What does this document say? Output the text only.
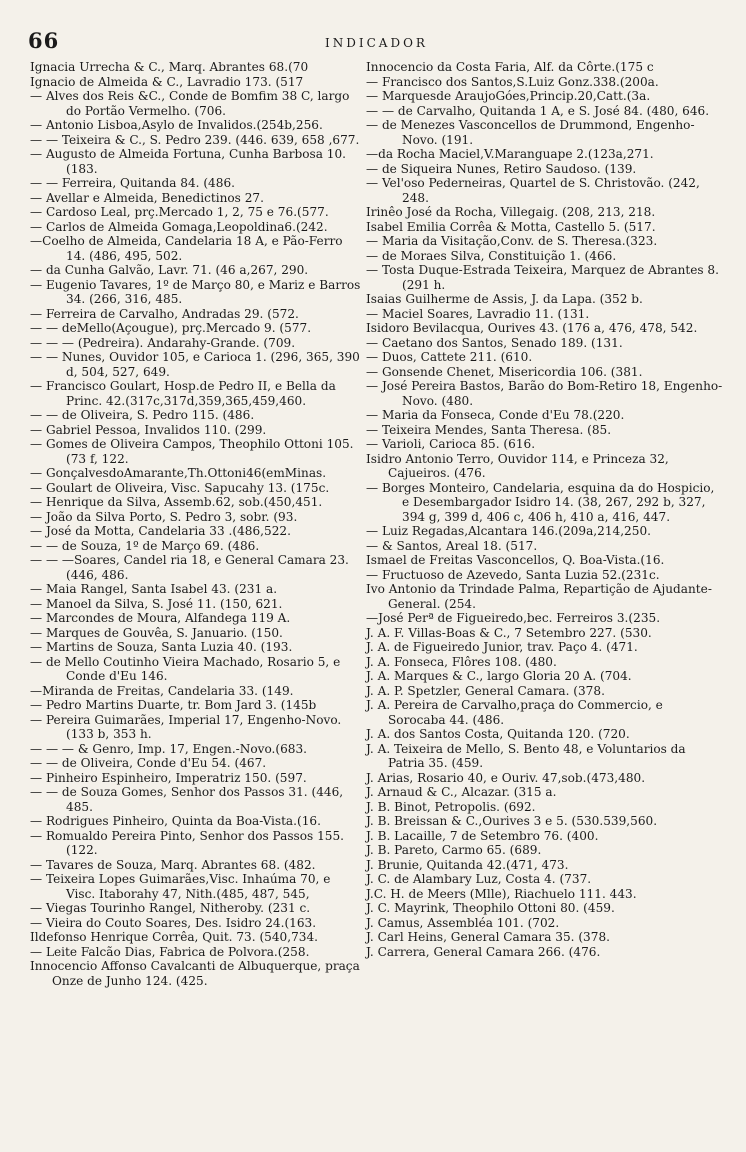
66	INDICADOR

Ignacia Urrecha & C., Marq. Abrantes 68.(70

Ignacio de Almeida & C., Lavradio 173. (517

— Alves dos Reis &C., Conde de Bomfim 38 C, largo do Portão Vermelho. (706.

— Antonio Lisboa,Asylo de Invalidos.(254b,256.

— — Teixeira & C., S. Pedro 239. (446. 639, 658 ,677.

— Augusto de Almeida Fortuna, Cunha Barbosa 10. (183.

— — Ferreira, Quitanda 84. (486.

— Avellar e Almeida, Benedictinos 27.

— Cardoso Leal, prç.Mercado 1, 2, 75 e 76.(577.

— Carlos de Almeida Gomaga,Leopoldina6.(242.

—Coelho de Almeida, Candelaria 18 A, e Pão-Ferro 14. (486, 495, 502.

— da Cunha Galvão, Lavr. 71. (46 a,267, 290.

— Eugenio Tavares, 1º de Março 80, e Mariz e Barros 34. (266, 316, 485.

— Ferreira de Carvalho, Andradas 29. (572.

— — deMello(Açougue), prç.Mercado 9. (577.

— — — (Pedreira). Andarahy-Grande. (709.

— — Nunes, Ouvidor 105, e Carioca 1. (296, 365, 390 d, 504, 527, 649.

— Francisco Goulart, Hosp.de Pedro II, e Bella da Princ. 42.(317c,317d,359,365,459,460.

— — de Oliveira, S. Pedro 115. (486.

— Gabriel Pessoa, Invalidos 110. (299.

— Gomes de Oliveira Campos, Theophilo Ottoni 105. (73 f, 122.

— GonçalvesdoAmarante,Th.Ottoni46(emMinas.

— Goulart de Oliveira, Visc. Sapucahy 13. (175c.

— Henrique da Silva, Assemb.62, sob.(450,451.

— João da Silva Porto, S. Pedro 3, sobr. (93.

— José da Motta, Candelaria 33 .(486,522.

— — de Souza, 1º de Março 69. (486.

— — —Soares, Candel ria 18, e General Camara 23. (446, 486.

— Maia Rangel, Santa Isabel 43. (231 a.

— Manoel da Silva, S. José 11. (150, 621.

— Marcondes de Moura, Alfandega 119 A.

— Marques de Gouvêa, S. Januario. (150.

— Martins de Souza, Santa Luzia 40. (193.

— de Mello Coutinho Vieira Machado, Rosario 5, e Conde d'Eu 146.

—Miranda de Freitas, Candelaria 33. (149.

— Pedro Martins Duarte, tr. Bom Jard 3. (145b

— Pereira Guimarães, Imperial 17, Engenho-Novo.(133 b, 353 h.

— — — & Genro, Imp. 17, Engen.-Novo.(683.

— — de Oliveira, Conde d'Eu 54. (467.

— Pinheiro Espinheiro, Imperatriz 150. (597.

— — de Souza Gomes, Senhor dos Passos 31. (446, 485.

— Rodrigues Pinheiro, Quinta da Boa-Vista.(16.

— Romualdo Pereira Pinto, Senhor dos Passos 155. (122.

— Tavares de Souza, Marq. Abrantes 68. (482.

— Teixeira Lopes Guimarães,Visc. Inhaúma 70, e Visc. Itaborahy 47, Nith.(485, 487, 545,

— Viegas Tourinho Rangel, Nitheroby. (231 c.

— Vieira do Couto Soares, Des. Isidro 24.(163.

Ildefonso Henrique Corrêa, Quit. 73. (540,734.

— Leite Falcão Dias, Fabrica de Polvora.(258.

Innocencio Affonso Cavalcanti de Albuquerque, praça Onze de Junho 124. (425.

Innocencio da Costa Faria, Alf. da Côrte.(175 c

— Francisco dos Santos,S.Luiz Gonz.338.(200a.

— Marquesde AraujoGóes,Princip.20,Catt.(3a.

— — de Carvalho, Quitanda 1 A, e S. José 84. (480, 646.

— de Menezes Vasconcellos de Drummond, Engenho-Novo. (191.

—da Rocha Maciel,V.Maranguape 2.(123a,271.

— de Siqueira Nunes, Retiro Saudoso. (139.

— Vel'oso Pederneiras, Quartel de S. Christovão. (242, 248.

Irinêo José da Rocha, Villegaig. (208, 213, 218.

Isabel Emilia Corrêa & Motta, Castello 5. (517.

— Maria da Visitação,Conv. de S. Theresa.(323.

— de Moraes Silva, Constituição 1. (466.

— Tosta Duque-Estrada Teixeira, Marquez de Abrantes 8. (291 h.

Isaias Guilherme de Assis, J. da Lapa. (352 b.

— Maciel Soares, Lavradio 11. (131.

Isidoro Bevilacqua, Ourives 43. (176 a, 476, 478, 542.

— Caetano dos Santos, Senado 189. (131.

— Duos, Cattete 211. (610.

— Gonsende Chenet, Misericordia 106. (381.

— José Pereira Bastos, Barão do Bom-Retiro 18, Engenho-Novo. (480.

— Maria da Fonseca, Conde d'Eu 78.(220.

— Teixeira Mendes, Santa Theresa. (85.

— Varioli, Carioca 85. (616.

Isidro Antonio Terro, Ouvidor 114, e Princeza 32, Cajueiros. (476.

— Borges Monteiro, Candelaria, esquina da do Hospicio, e Desembargador Isidro 14. (38, 267, 292 b, 327, 394 g, 399 d, 406 c, 406 h, 410 a, 416, 447.

— Luiz Regadas,Alcantara 146.(209a,214,250.

— & Santos, Areal 18. (517.

Ismael de Freitas Vasconcellos, Q. Boa-Vista.(16.

— Fructuoso de Azevedo, Santa Luzia 52.(231c.

Ivo Antonio da Trindade Palma, Repartição de Ajudante-General. (254.

—José Perª de Figueiredo,bec. Ferreiros 3.(235.

J. A. F. Villas-Boas & C., 7 Setembro 227. (530.

J. A. de Figueiredo Junior, trav. Paço 4. (471.

J. A. Fonseca, Flôres 108. (480.

J. A. Marques & C., largo Gloria 20 A. (704.

J. A. P. Spetzler, General Camara. (378.

J. A. Pereira de Carvalho,praça do Commercio, e Sorocaba 44. (486.

J. A. dos Santos Costa, Quitanda 120. (720.

J. A. Teixeira de Mello, S. Bento 48, e Voluntarios da Patria 35. (459.

J. Arias, Rosario 40, e Ouriv. 47,sob.(473,480.

J. Arnaud & C., Alcazar. (315 a.

J. B. Binot, Petropolis. (692.

J. B. Breissan & C.,Ourives 3 e 5. (530.539,560.

J. B. Lacaille, 7 de Setembro 76. (400.

J. B. Pareto, Carmo 65. (689.

J. Brunie, Quitanda 42.(471, 473.

J. C. de Alambary Luz, Costa 4. (737.

J.C. H. de Meers (Mlle), Riachuelo 111. 443.

J. C. Mayrink, Theophilo Ottoni 80. (459.

J. Camus, Assembléa 101. (702.

J. Carl Heins, General Camara 35. (378.

J. Carrera, General Camara 266. (476.
